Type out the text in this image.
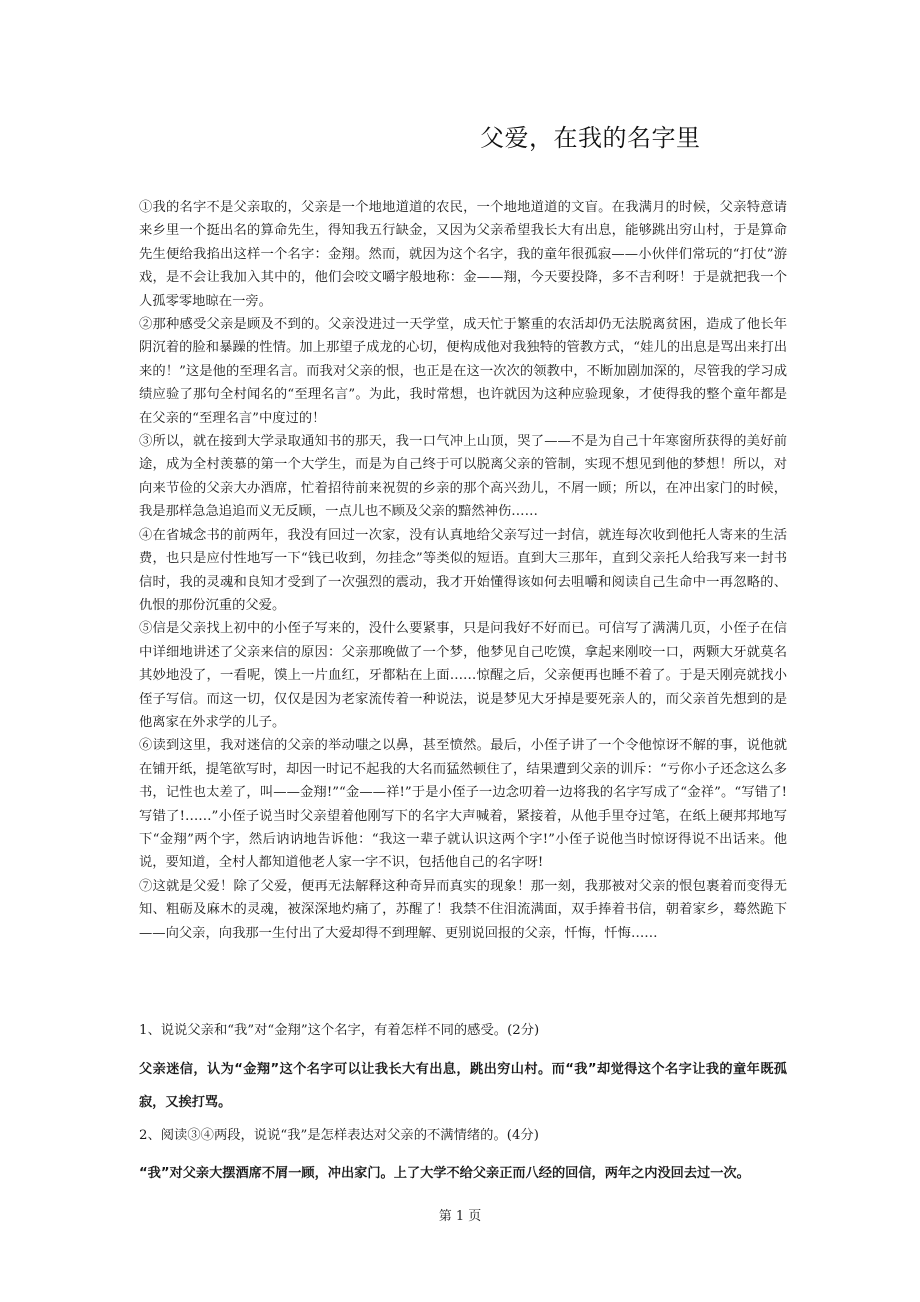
父爱，在我的名字里

①我的名字不是父亲取的，父亲是一个地地道道的农民，一个地地道道的文盲。在我满月的时候，父亲特意请来乡里一个挺出名的算命先生，得知我五行缺金，又因为父亲希望我长大有出息，能够跳出穷山村，于是算命先生便给我掐出这样一个名字：金翔。然而，就因为这个名字，我的童年很孤寂——小伙伴们常玩的“打仗”游戏，是不会让我加入其中的，他们会咬文嚼字般地称：金——翔，今天要投降，多不吉利呀！于是就把我一个人孤零零地晾在一旁。

②那种感受父亲是顾及不到的。父亲没进过一天学堂，成天忙于繁重的农活却仍无法脱离贫困，造成了他长年阴沉着的脸和暴躁的性情。加上那望子成龙的心切，便构成他对我独特的管教方式，“娃儿的出息是骂出来打出来的！”这是他的至理名言。而我对父亲的恨，也正是在这一次次的领教中，不断加剧加深的，尽管我的学习成绩应验了那句全村闻名的“至理名言”。为此，我时常想，也许就因为这种应验现象，才使得我的整个童年都是在父亲的“至理名言”中度过的！

③所以，就在接到大学录取通知书的那天，我一口气冲上山顶，哭了——不是为自己十年寒窗所获得的美好前途，成为全村羡慕的第一个大学生，而是为自己终于可以脱离父亲的管制，实现不想见到他的梦想！所以，对向来节俭的父亲大办酒席，忙着招待前来祝贺的乡亲的那个高兴劲儿，不屑一顾；所以，在冲出家门的时候，我是那样急急追追而义无反顾，一点儿也不顾及父亲的黯然神伤……

④在省城念书的前两年，我没有回过一次家，没有认真地给父亲写过一封信，就连每次收到他托人寄来的生活费，也只是应付性地写一下“钱已收到，勿挂念”等类似的短语。直到大三那年，直到父亲托人给我写来一封书信时，我的灵魂和良知才受到了一次强烈的震动，我才开始懂得该如何去咀嚼和阅读自己生命中一再忽略的、仇恨的那份沉重的父爱。

⑤信是父亲找上初中的小侄子写来的，没什么要紧事，只是问我好不好而已。可信写了满满几页，小侄子在信中详细地讲述了父亲来信的原因：父亲那晚做了一个梦，他梦见自己吃馍，拿起来刚咬一口，两颗大牙就莫名其妙地没了，一看呢，馍上一片血红，牙都粘在上面……惊醒之后，父亲便再也睡不着了。于是天刚亮就找小侄子写信。而这一切，仅仅是因为老家流传着一种说法，说是梦见大牙掉是要死亲人的，而父亲首先想到的是他离家在外求学的儿子。

⑥读到这里，我对迷信的父亲的举动嗤之以鼻，甚至愤然。最后，小侄子讲了一个令他惊讶不解的事，说他就在铺开纸，提笔欲写时，却因一时记不起我的大名而猛然顿住了，结果遭到父亲的训斥：“亏你小子还念这么多书，记性也太差了，叫——金翔!”“金——祥!”于是小侄子一边念叨着一边将我的名字写成了“金祥”。“写错了!写错了!……”小侄子说当时父亲望着他刚写下的名字大声喊着，紧接着，从他手里夺过笔，在纸上硬邦邦地写下“金翔”两个字，然后讷讷地告诉他：“我这一辈子就认识这两个字!”小侄子说他当时惊讶得说不出话来。他说，要知道，全村人都知道他老人家一字不识，包括他自己的名字呀!

⑦这就是父爱！除了父爱，便再无法解释这种奇异而真实的现象！那一刻，我那被对父亲的恨包裹着而变得无知、粗砺及麻木的灵魂，被深深地灼痛了，苏醒了！我禁不住泪流满面，双手捧着书信，朝着家乡，蓦然跪下——向父亲，向我那一生付出了大爱却得不到理解、更别说回报的父亲，忏悔，忏悔……

1、说说父亲和“我”对“金翔”这个名字，有着怎样不同的感受。(2分)

父亲迷信，认为“金翔”这个名字可以让我长大有出息，跳出穷山村。而“我”却觉得这个名字让我的童年既孤寂，又挨打骂。

2、阅读③④两段，说说“我”是怎样表达对父亲的不满情绪的。(4分)

“我”对父亲大摆酒席不屑一顾，冲出家门。上了大学不给父亲正而八经的回信，两年之内没回去过一次。

第 1 页
